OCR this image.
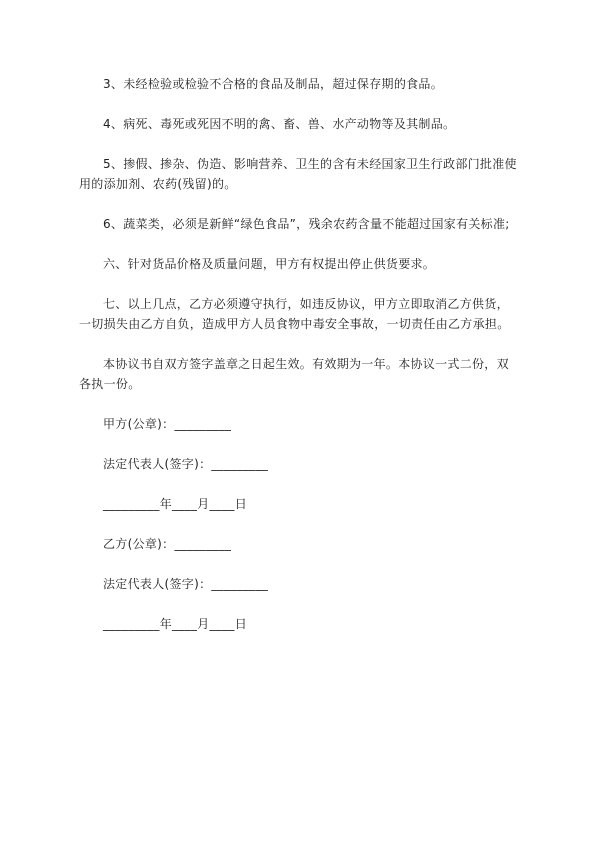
3、未经检验或检验不合格的食品及制品，超过保存期的食品。

4、病死、毒死或死因不明的禽、畜、兽、水产动物等及其制品。

5、掺假、掺杂、伪造、影响营养、卫生的含有未经国家卫生行政部门批准使用的添加剂、农药(残留)的。

6、蔬菜类，必须是新鲜“绿色食品”，残余农药含量不能超过国家有关标准;

六、针对货品价格及质量问题，甲方有权提出停止供货要求。

七、以上几点，乙方必须遵守执行，如违反协议，甲方立即取消乙方供货，一切损失由乙方自负，造成甲方人员食物中毒安全事故，一切责任由乙方承担。

本协议书自双方签字盖章之日起生效。有效期为一年。本协议一式二份，双各执一份。

甲方(公章)：_________

法定代表人(签字)：_________

_________年____月____日

乙方(公章)：_________

法定代表人(签字)：_________

_________年____月____日
